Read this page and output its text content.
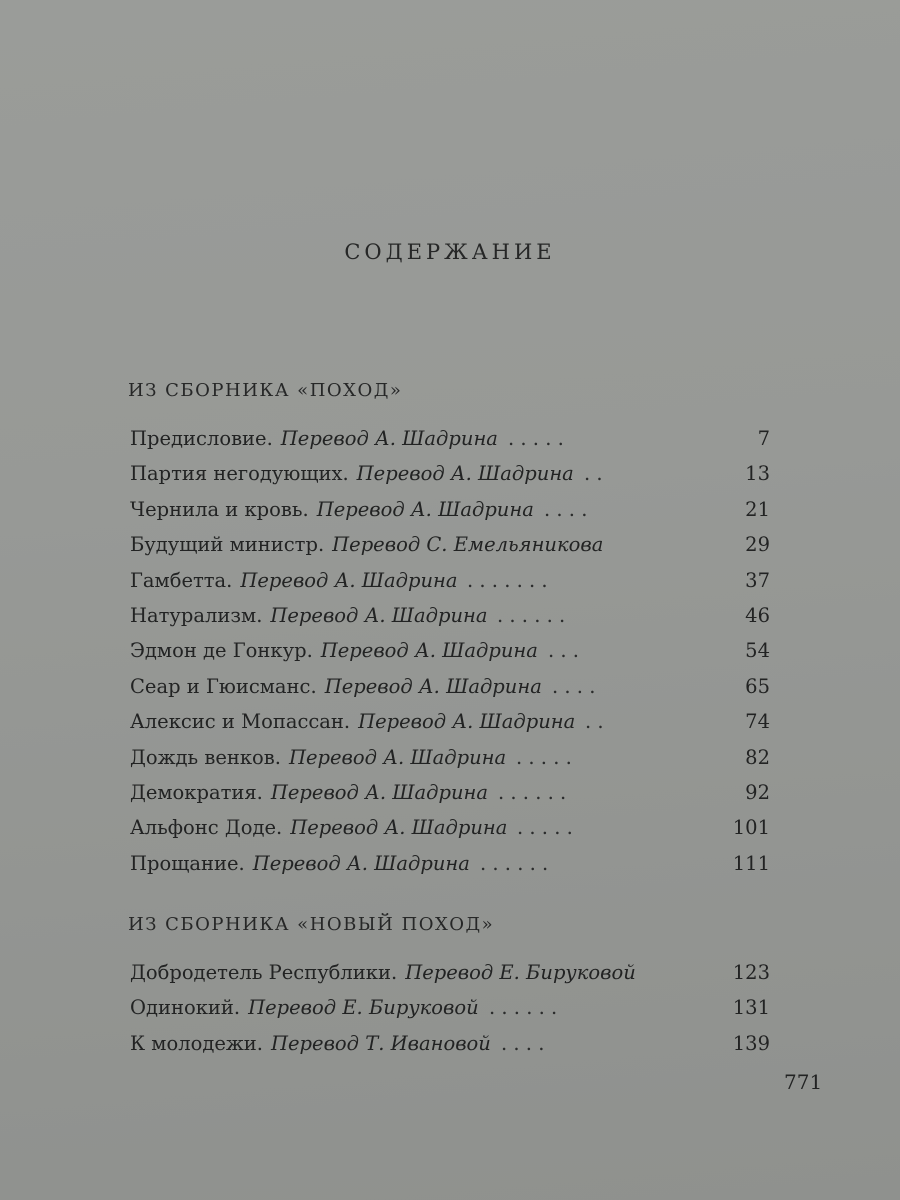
СОДЕРЖАНИЕ
ИЗ СБОРНИКА «ПОХОД»
Предисловие. Перевод А. Шадрина . . . . .	7
Партия негодующих. Перевод А. Шадрина . .	13
Чернила и кровь. Перевод А. Шадрина . . . .	21
Будущий министр. Перевод С. Емельяникова	29
Гамбетта. Перевод А. Шадрина . . . . . . .	37
Натурализм. Перевод А. Шадрина . . . . . .	46
Эдмон де Гонкур. Перевод А. Шадрина . . .	54
Сеар и Гюисманс. Перевод А. Шадрина . . . .	65
Алексис и Мопассан. Перевод А. Шадрина . .	74
Дождь венков. Перевод А. Шадрина . . . . .	82
Демократия. Перевод А. Шадрина . . . . . .	92
Альфонс Доде. Перевод А. Шадрина . . . . .	101
Прощание. Перевод А. Шадрина . . . . . .	111
Добродетель Республики. Перевод Е. Бируковой	123
Одинокий. Перевод Е. Бируковой . . . . . .	131
К молодежи. Перевод Т. Ивановой . . . .	139
ИЗ СБОРНИКА «НОВЫЙ ПОХОД»
771
